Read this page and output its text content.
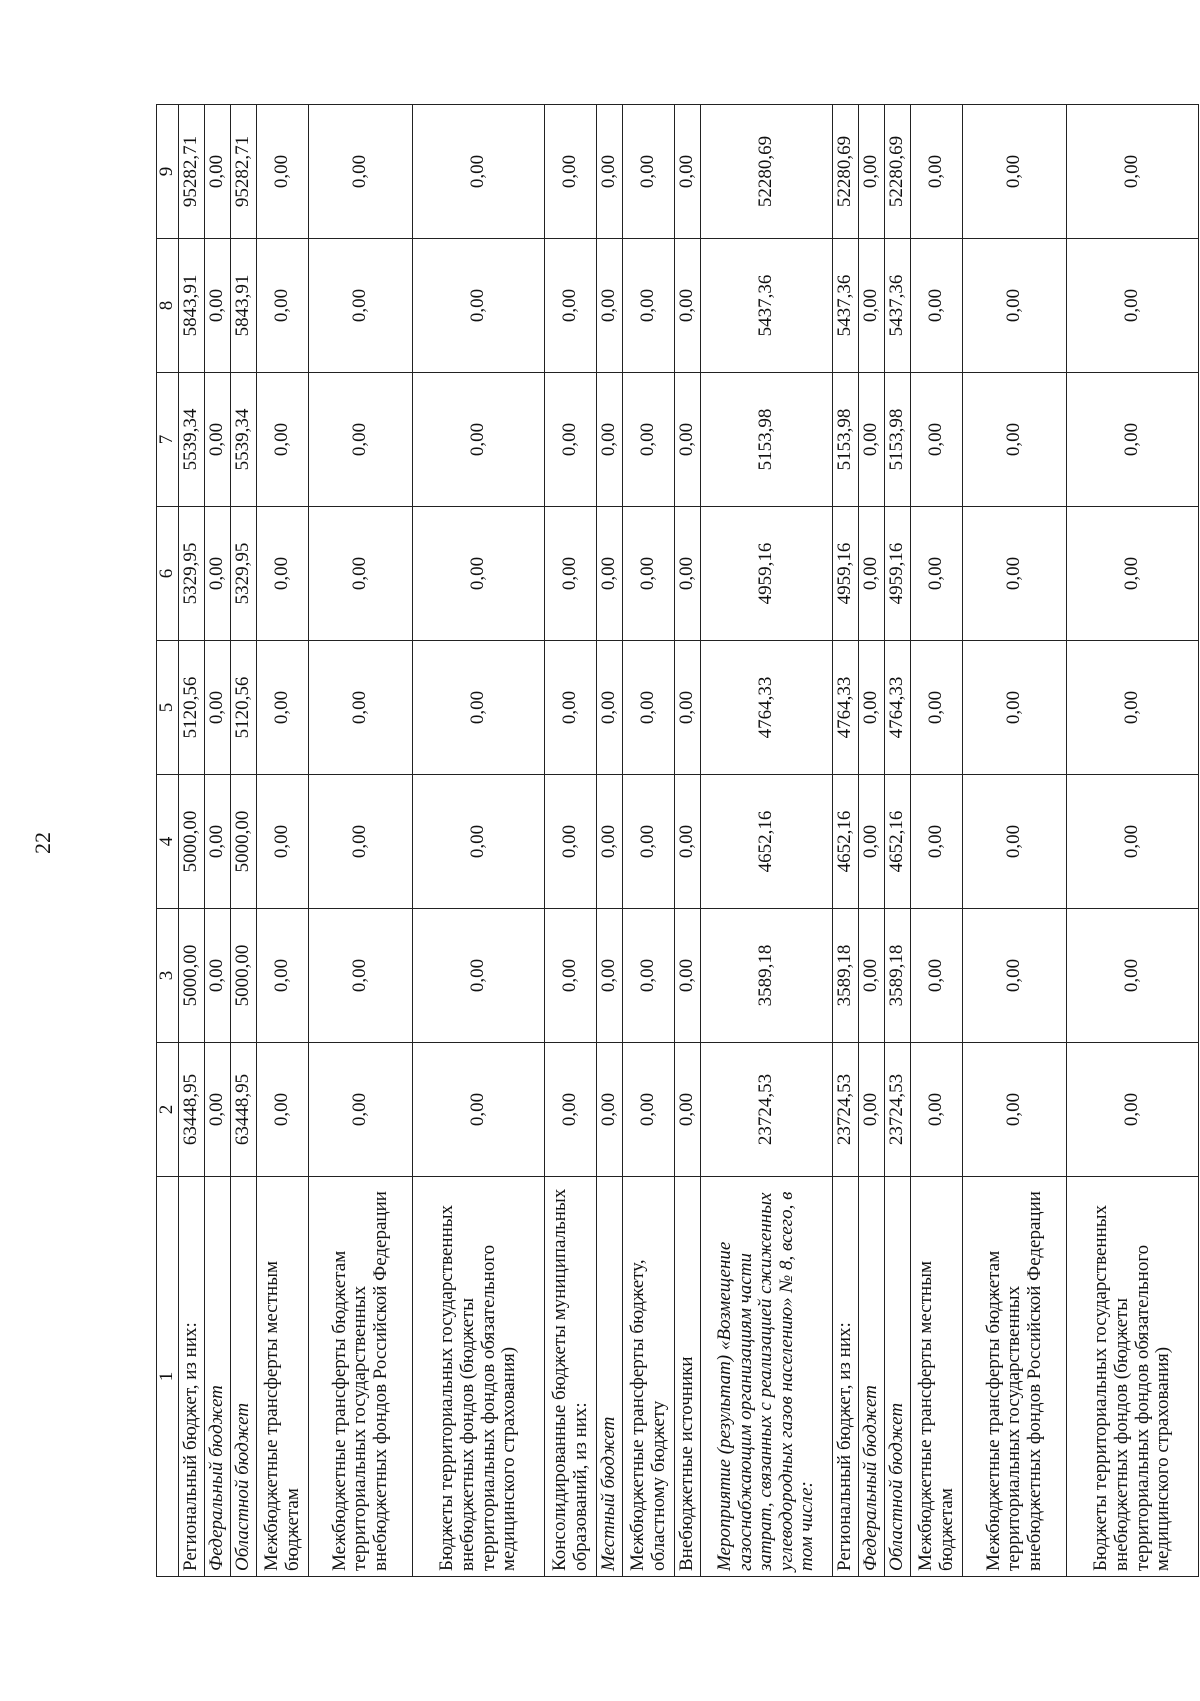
22
1	2	3	4	5	6	7	8	9
Региональный бюджет, из них:	63448,95	5000,00	5000,00	5120,56	5329,95	5539,34	5843,91	95282,71
Федеральный бюджет	0,00	0,00	0,00	0,00	0,00	0,00	0,00	0,00
Областной бюджет	63448,95	5000,00	5000,00	5120,56	5329,95	5539,34	5843,91	95282,71
Межбюджетные трансферты местным бюджетам	0,00	0,00	0,00	0,00	0,00	0,00	0,00	0,00
Межбюджетные трансферты бюджетам территориальных государственных внебюджетных фондов Российской Федерации	0,00	0,00	0,00	0,00	0,00	0,00	0,00	0,00
Бюджеты территориальных государственных внебюджетных фондов (бюджеты территориальных фондов обязательного медицинского страхования)	0,00	0,00	0,00	0,00	0,00	0,00	0,00	0,00
Консолидированные бюджеты муниципальных образований, из них:	0,00	0,00	0,00	0,00	0,00	0,00	0,00	0,00
Местный бюджет	0,00	0,00	0,00	0,00	0,00	0,00	0,00	0,00
Межбюджетные трансферты бюджету, областному бюджету	0,00	0,00	0,00	0,00	0,00	0,00	0,00	0,00
Внебюджетные источники	0,00	0,00	0,00	0,00	0,00	0,00	0,00	0,00
Мероприятие (результат) «Возмещение газоснабжающим организациям части затрат, связанных с реализацией сжиженных углеводородных газов населению» № 8, всего, в том числе:	23724,53	3589,18	4652,16	4764,33	4959,16	5153,98	5437,36	52280,69
Региональный бюджет, из них:	23724,53	3589,18	4652,16	4764,33	4959,16	5153,98	5437,36	52280,69
Федеральный бюджет	0,00	0,00	0,00	0,00	0,00	0,00	0,00	0,00
Областной бюджет	23724,53	3589,18	4652,16	4764,33	4959,16	5153,98	5437,36	52280,69
Межбюджетные трансферты местным бюджетам	0,00	0,00	0,00	0,00	0,00	0,00	0,00	0,00
Межбюджетные трансферты бюджетам территориальных государственных внебюджетных фондов Российской Федерации	0,00	0,00	0,00	0,00	0,00	0,00	0,00	0,00
Бюджеты территориальных государственных внебюджетных фондов (бюджеты территориальных фондов обязательного медицинского страхования)	0,00	0,00	0,00	0,00	0,00	0,00	0,00	0,00
